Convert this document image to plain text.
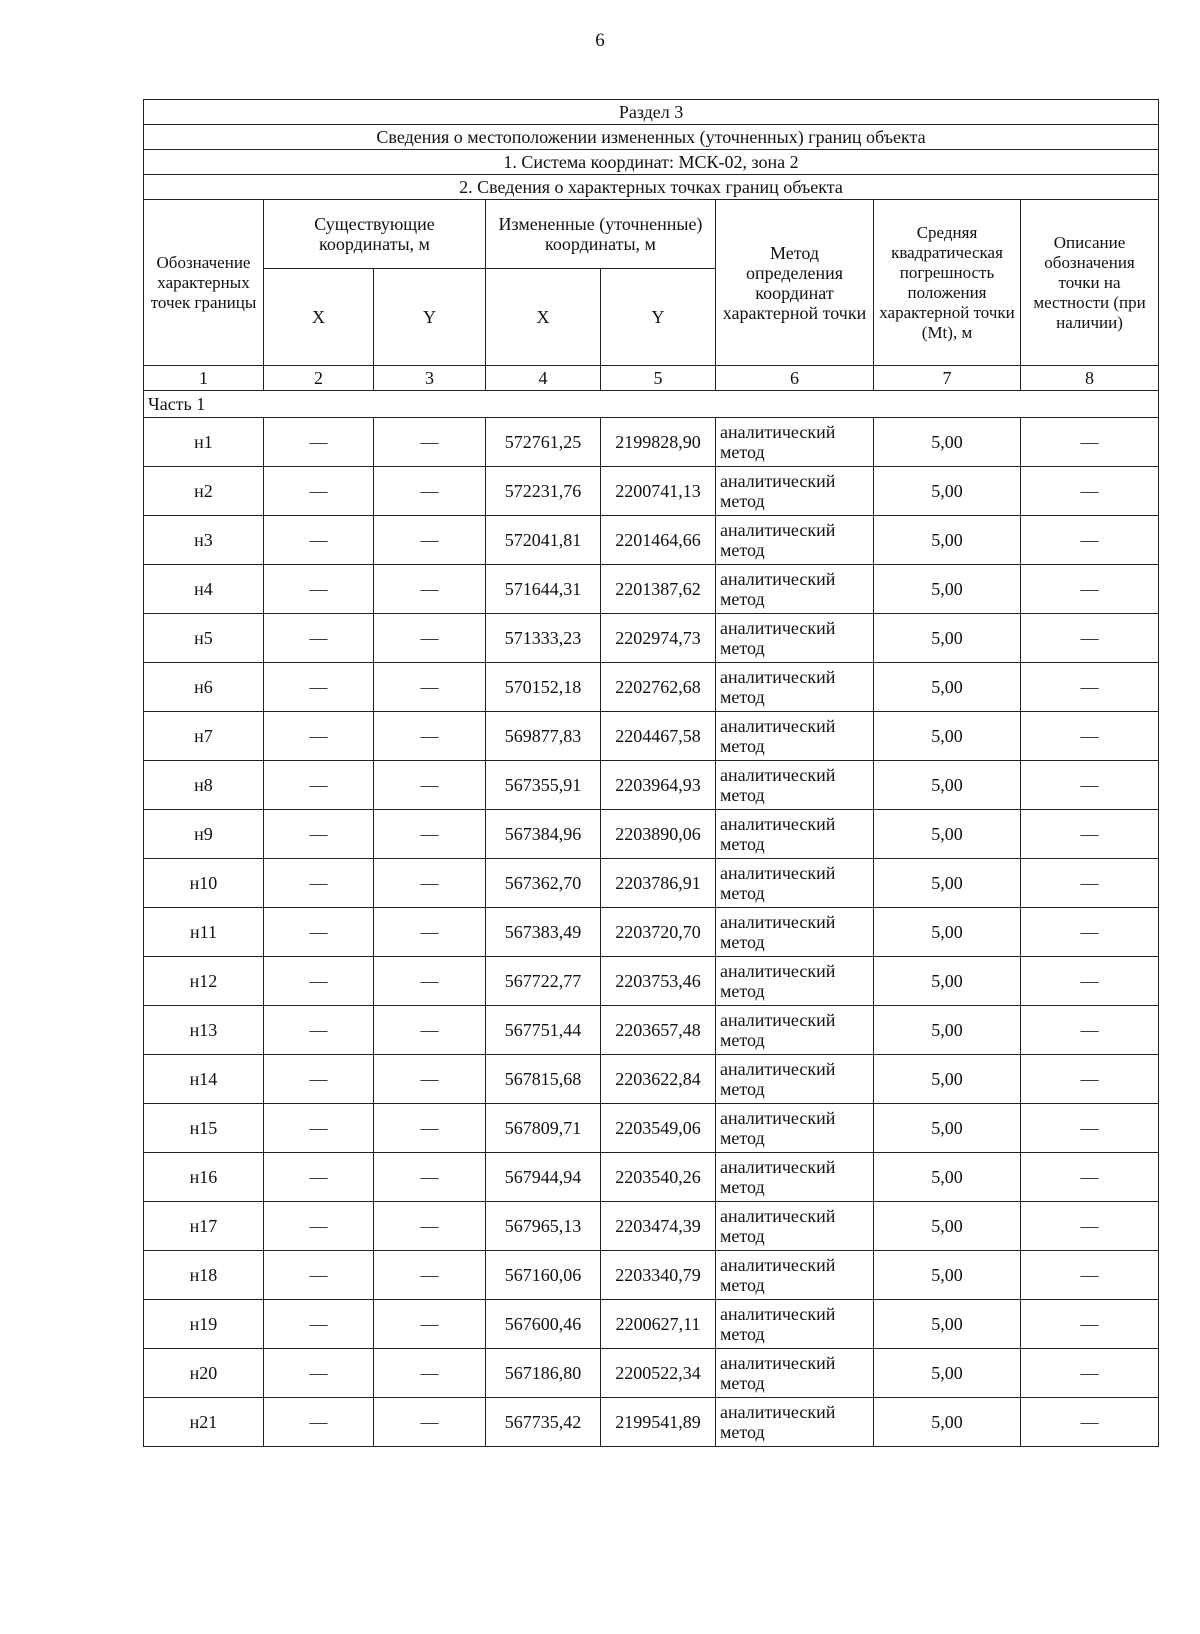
6
Раздел 3							
Сведения о местоположении измененных (уточненных) границ объекта							
1. Система координат: МСК-02, зона 2							
2. Сведения о характерных точках границ объекта							
Обозначение характерных точек границы	Существующие координаты, м		Измененные (уточненные) координаты, м		Метод определения координат характерной точки	Средняя квадратическая погрешность положения характерной точки (Mt), м	Описание обозначения точки на местности (при наличии)
	X	Y	X	Y			
1	2	3	4	5	6	7	8
Часть 1							
н1	—	—	572761,25	2199828,90	аналитический метод	5,00	—
н2	—	—	572231,76	2200741,13	аналитический метод	5,00	—
н3	—	—	572041,81	2201464,66	аналитический метод	5,00	—
н4	—	—	571644,31	2201387,62	аналитический метод	5,00	—
н5	—	—	571333,23	2202974,73	аналитический метод	5,00	—
н6	—	—	570152,18	2202762,68	аналитический метод	5,00	—
н7	—	—	569877,83	2204467,58	аналитический метод	5,00	—
н8	—	—	567355,91	2203964,93	аналитический метод	5,00	—
н9	—	—	567384,96	2203890,06	аналитический метод	5,00	—
н10	—	—	567362,70	2203786,91	аналитический метод	5,00	—
н11	—	—	567383,49	2203720,70	аналитический метод	5,00	—
н12	—	—	567722,77	2203753,46	аналитический метод	5,00	—
н13	—	—	567751,44	2203657,48	аналитический метод	5,00	—
н14	—	—	567815,68	2203622,84	аналитический метод	5,00	—
н15	—	—	567809,71	2203549,06	аналитический метод	5,00	—
н16	—	—	567944,94	2203540,26	аналитический метод	5,00	—
н17	—	—	567965,13	2203474,39	аналитический метод	5,00	—
н18	—	—	567160,06	2203340,79	аналитический метод	5,00	—
н19	—	—	567600,46	2200627,11	аналитический метод	5,00	—
н20	—	—	567186,80	2200522,34	аналитический метод	5,00	—
н21	—	—	567735,42	2199541,89	аналитический метод	5,00	—
